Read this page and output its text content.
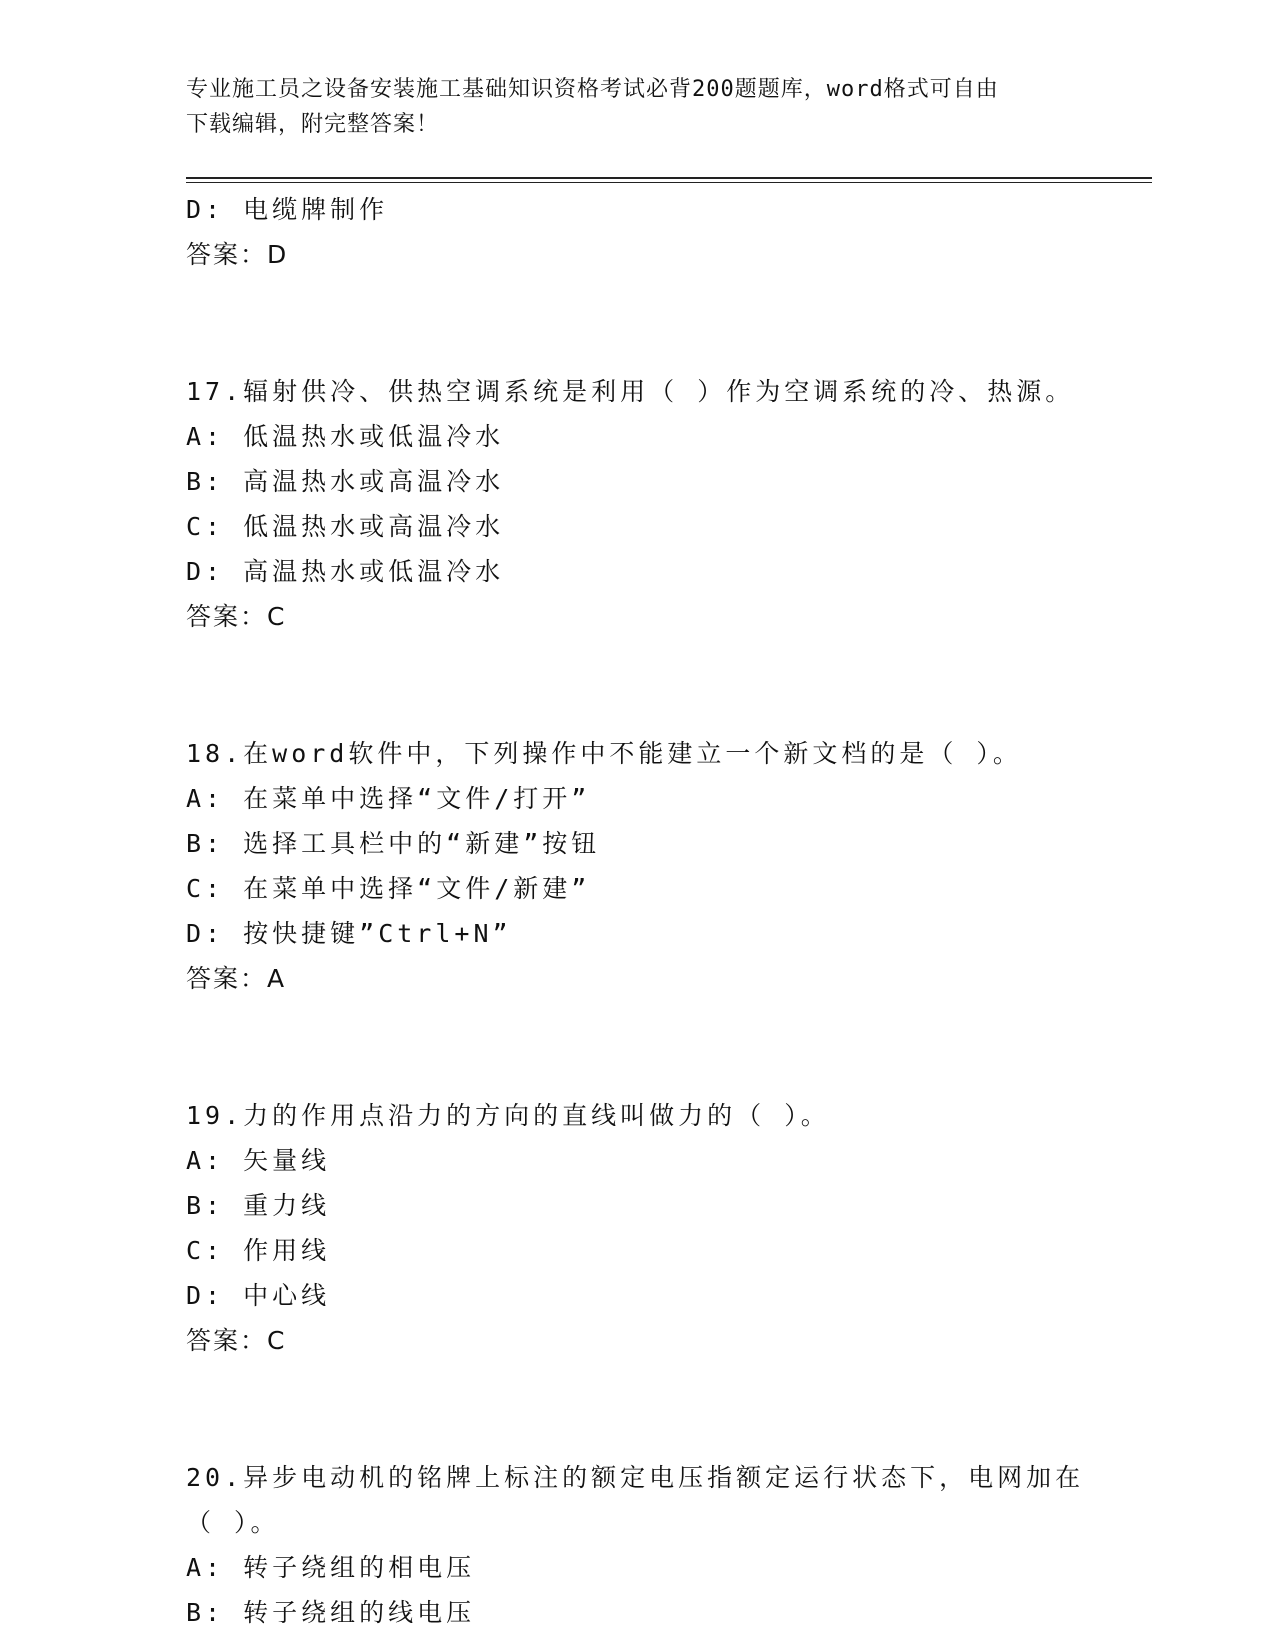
专业施工员之设备安装施工基础知识资格考试必背200题题库，word格式可自由
下载编辑，附完整答案！
D: 电缆牌制作
答案：D
17.辐射供冷、供热空调系统是利用（ ）作为空调系统的冷、热源。
A: 低温热水或低温冷水
B: 高温热水或高温冷水
C: 低温热水或高温冷水
D: 高温热水或低温冷水
答案：C
18.在word软件中，下列操作中不能建立一个新文档的是（ ）。
A: 在菜单中选择“文件/打开”
B: 选择工具栏中的“新建”按钮
C: 在菜单中选择“文件/新建”
D: 按快捷键”Ctrl+N”
答案：A
19.力的作用点沿力的方向的直线叫做力的（ ）。
A: 矢量线
B: 重力线
C: 作用线
D: 中心线
答案：C
20.异步电动机的铭牌上标注的额定电压指额定运行状态下，电网加在
（ ）。
A: 转子绕组的相电压
B: 转子绕组的线电压
